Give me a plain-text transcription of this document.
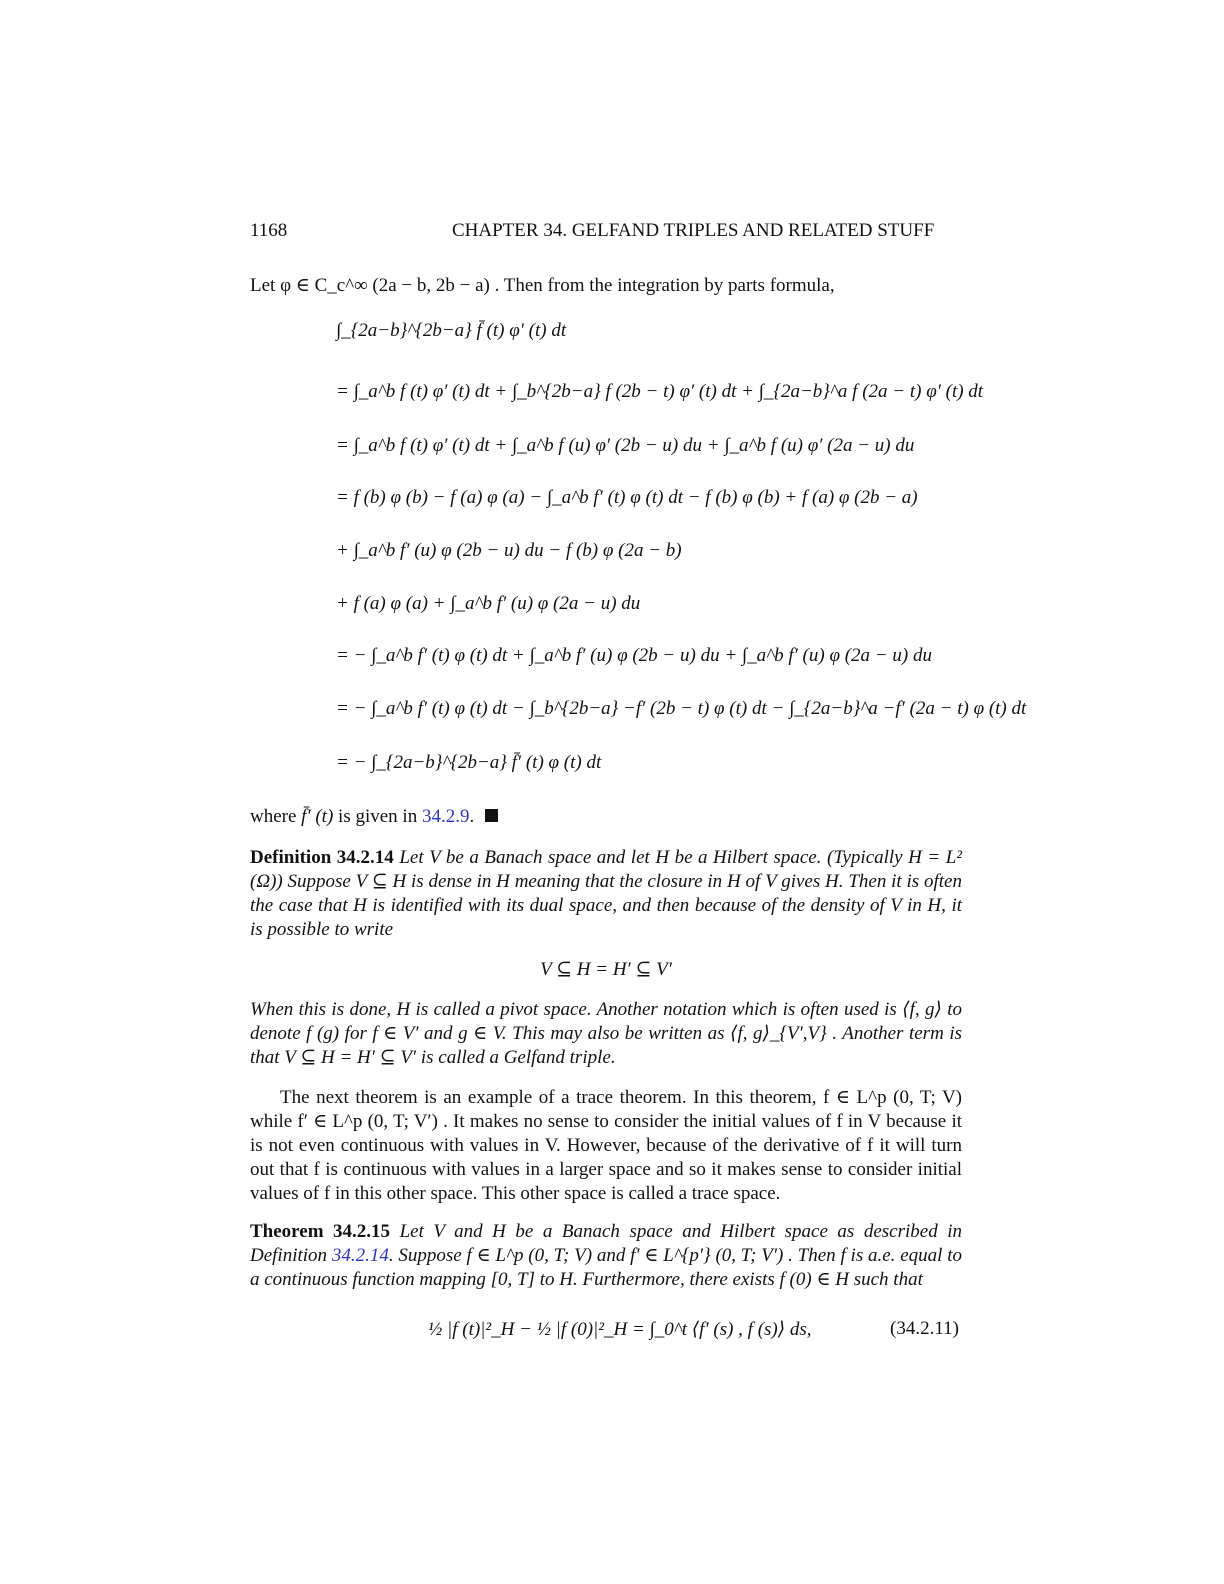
1168	CHAPTER 34. GELFAND TRIPLES AND RELATED STUFF
Let φ ∈ C_c^∞ (2a − b, 2b − a) . Then from the integration by parts formula,
∫_{2a−b}^{2b−a} f̄ (t) φ′ (t) dt
= ∫_a^b f (t) φ′ (t) dt + ∫_b^{2b−a} f (2b − t) φ′ (t) dt + ∫_{2a−b}^a f (2a − t) φ′ (t) dt
= ∫_a^b f (t) φ′ (t) dt + ∫_a^b f (u) φ′ (2b − u) du + ∫_a^b f (u) φ′ (2a − u) du
= f (b) φ (b) − f (a) φ (a) − ∫_a^b f′ (t) φ (t) dt − f (b) φ (b) + f (a) φ (2b − a)
+ ∫_a^b f′ (u) φ (2b − u) du − f (b) φ (2a − b)
+ f (a) φ (a) + ∫_a^b f′ (u) φ (2a − u) du
= − ∫_a^b f′ (t) φ (t) dt + ∫_a^b f′ (u) φ (2b − u) du + ∫_a^b f′ (u) φ (2a − u) du
= − ∫_a^b f′ (t) φ (t) dt − ∫_b^{2b−a} −f′ (2b − t) φ (t) dt − ∫_{2a−b}^a −f′ (2a − t) φ (t) dt
= − ∫_{2a−b}^{2b−a} f̄′ (t) φ (t) dt
where f̄′ (t) is given in 34.2.9.
Definition 34.2.14 Let V be a Banach space and let H be a Hilbert space. (Typically H = L² (Ω)) Suppose V ⊆ H is dense in H meaning that the closure in H of V gives H. Then it is often the case that H is identified with its dual space, and then because of the density of V in H, it is possible to write
V ⊆ H = H′ ⊆ V′
When this is done, H is called a pivot space. Another notation which is often used is ⟨f, g⟩ to denote f (g) for f ∈ V′ and g ∈ V. This may also be written as ⟨f, g⟩_{V′,V} . Another term is that V ⊆ H = H′ ⊆ V′ is called a Gelfand triple.
The next theorem is an example of a trace theorem. In this theorem, f ∈ L^p (0, T; V) while f′ ∈ L^p (0, T; V′) . It makes no sense to consider the initial values of f in V because it is not even continuous with values in V. However, because of the derivative of f it will turn out that f is continuous with values in a larger space and so it makes sense to consider initial values of f in this other space. This other space is called a trace space.
Theorem 34.2.15 Let V and H be a Banach space and Hilbert space as described in Definition 34.2.14. Suppose f ∈ L^p (0, T; V) and f′ ∈ L^{p′} (0, T; V′) . Then f is a.e. equal to a continuous function mapping [0, T] to H. Furthermore, there exists f (0) ∈ H such that
½ |f (t)|²_H − ½ |f (0)|²_H = ∫_0^t ⟨f′ (s) , f (s)⟩ ds,	(34.2.11)
